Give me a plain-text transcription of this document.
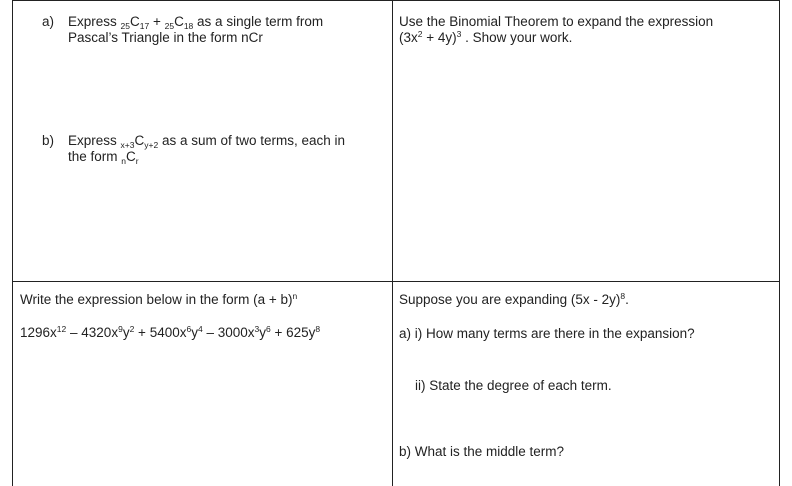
a) Express $_{25}C_{17} + _{25}C_{18}$ as a single term from
Pascal’s Triangle in the form nCr
b) Express $_{x+3}C_{y+2}$ as a sum of two terms, each in
the form $_nC_r$
Use the Binomial Theorem to expand the expression
$(3x^2 + 4y)^3$ . Show your work.
Write the expression below in the form $(a + b)^n$
$1296x^{12} - 4320x^9y^2 + 5400x^6y^4 - 3000x^3y^6 + 625y^8$
Suppose you are expanding (5x - 2y)$^8$.
a) i) How many terms are there in the expansion?
ii) State the degree of each term.
b) What is the middle term?
